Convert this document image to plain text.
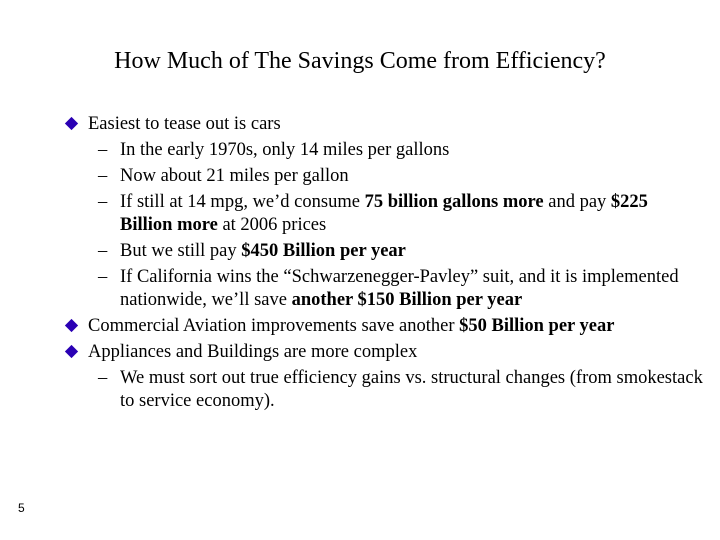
How Much of The Savings Come from Efficiency?
Easiest to tease out is cars
– In the early 1970s, only 14 miles per gallons
– Now about 21 miles per gallon
– If still at 14 mpg, we’d consume 75 billion gallons more and pay $225 Billion more at 2006 prices
– But we still pay $450 Billion per year
– If California wins the “Schwarzenegger-Pavley” suit, and it is implemented nationwide, we’ll save another $150 Billion per year
Commercial Aviation improvements save another $50 Billion per year
Appliances and Buildings are more complex
– We must sort out true efficiency gains vs. structural changes (from smokestack to service economy).
5
